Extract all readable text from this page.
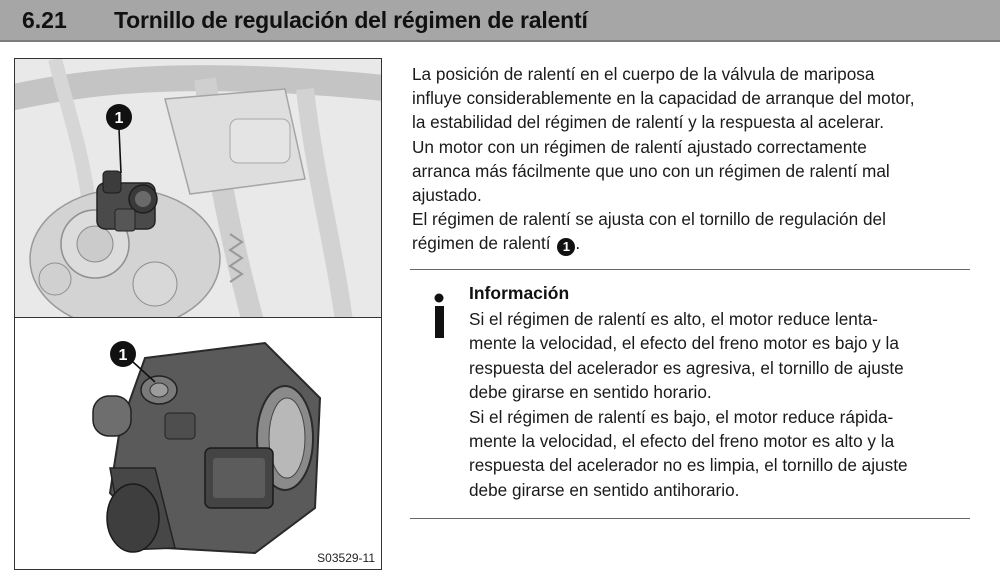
6.21 Tornillo de regulación del régimen de ralentí
1
1
S03529-11
La posición de ralentí en el cuerpo de la válvula de mariposa
influye considerablemente en la capacidad de arranque del motor,
la estabilidad del régimen de ralentí y la respuesta al acelerar.
Un motor con un régimen de ralentí ajustado correctamente
arranca más fácilmente que uno con un régimen de ralentí mal
ajustado.
El régimen de ralentí se ajusta con el tornillo de regulación del
régimen de ralentí 1 .
Información
Si el régimen de ralentí es alto, el motor reduce lenta-
mente la velocidad, el efecto del freno motor es bajo y la
respuesta del acelerador es agresiva, el tornillo de ajuste
debe girarse en sentido horario.
Si el régimen de ralentí es bajo, el motor reduce rápida-
mente la velocidad, el efecto del freno motor es alto y la
respuesta del acelerador no es limpia, el tornillo de ajuste
debe girarse en sentido antihorario.
